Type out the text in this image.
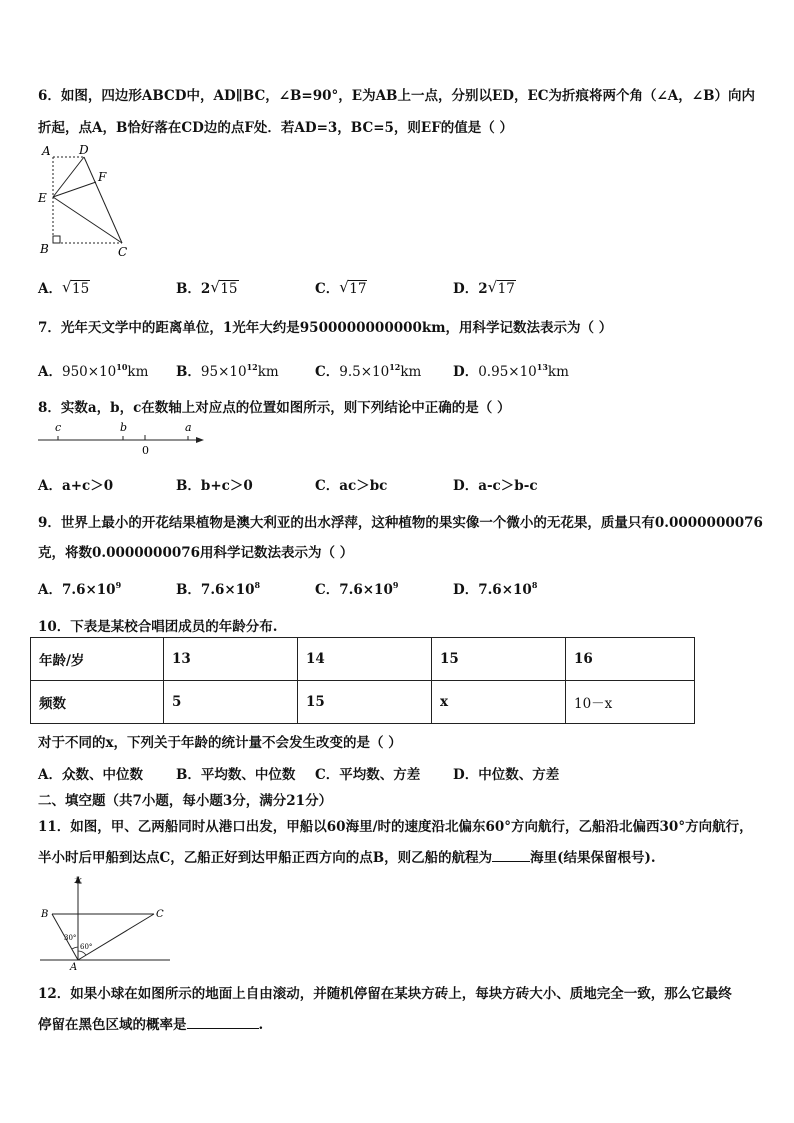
6．如图，四边形ABCD中，AD∥BC，∠B=90°，E为AB上一点，分别以ED，EC为折痕将两个角（∠A，∠B）向内
折起，点A，B恰好落在CD边的点F处．若AD=3，BC=5，则EF的值是（ ）
A D
F
E
B	C
A． √ 15	B．2 √ 15	C． √ 17	D．2 √ 17
7．光年天文学中的距离单位，1光年大约是9500000000000km，用科学记数法表示为（ ）
A．$950\times 10^{10}km$ B．$95\times 10^{12}km$	C．$9.5\times 10^{12}km$ D．$0.95\times 10^{13}km$
8．实数a，b，c在数轴上对应点的位置如图所示，则下列结论中正确的是（ ）
c	b
0
a
A．a+c＞0	B．b+c＞0	C．ac＞bc	D．a-c＞b-c
9．世界上最小的开花结果植物是澳大利亚的出水浮萍，这种植物的果实像一个微小的无花果，质量只有0.0000000076
克，将数0.0000000076用科学记数法表示为（ ）
A．$7.6\times 10^9$	B．$7.6\times 10^8$	C．$7.6\times 10^9$	D．$7.6\times 10^8$
10．下表是某校合唱团成员的年龄分布.
年龄/岁	13	14	15	16
频数	5	15	x	10－x
对于不同的x，下列关于年龄的统计量不会发生改变的是（ ）
A．众数、中位数 B．平均数、中位数 C．平均数、方差 D．中位数、方差
二、填空题（共7小题，每小题3分，满分21分）
11．如图，甲、乙两船同时从港口出发，甲船以60海里/时的速度沿北偏东60°方向航行，乙船沿北偏西30°方向航行，
半小时后甲船到达点C，乙船正好到达甲船正西方向的点B，则乙船的航程为	海里(结果保留根号).
北
B	C
A
30°
60°
12．如果小球在如图所示的地面上自由滚动，并随机停留在某块方砖上，每块方砖大小、质地完全一致，那么它最终
停留在黑色区域的概率是	.
